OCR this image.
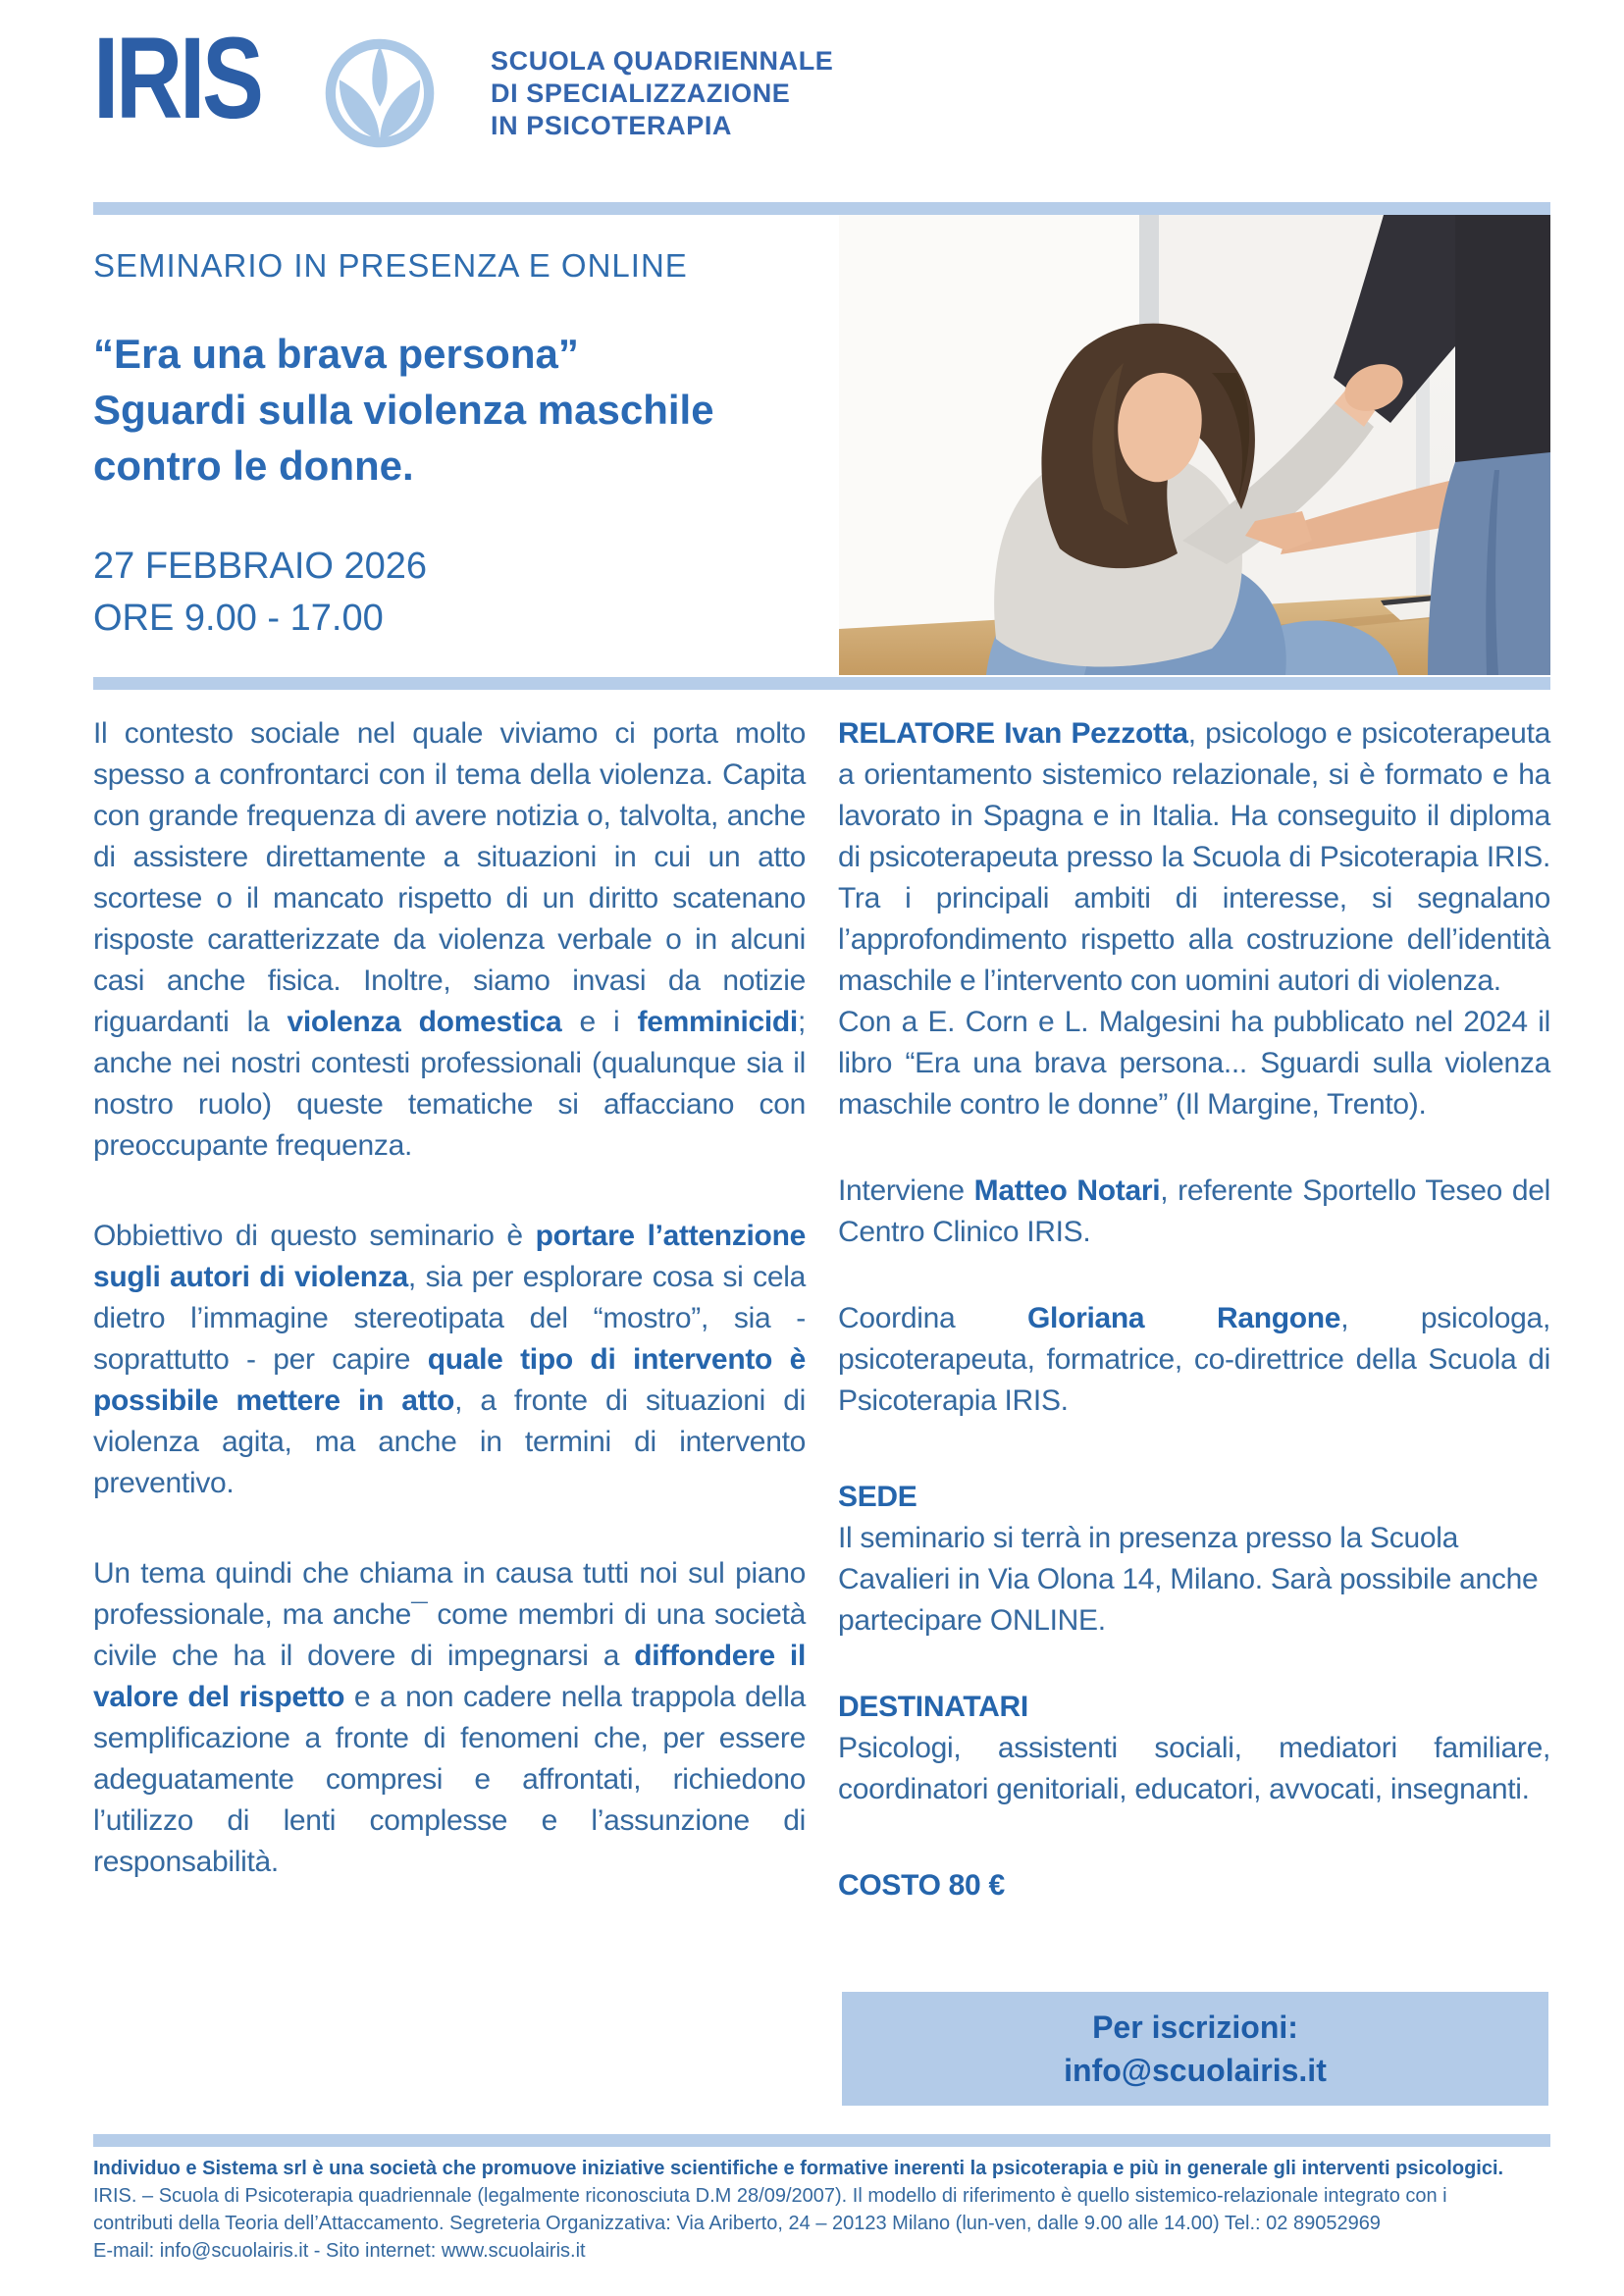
IRIS	SCUOLA QUADRIENNALE
DI SPECIALIZZAZIONE
IN PSICOTERAPIA
SEMINARIO IN PRESENZA E ONLINE
“Era una brava persona”
Sguardi sulla violenza maschile
contro le donne.
27 FEBBRAIO 2026
ORE 9.00 - 17.00

Il contesto sociale nel quale viviamo ci porta molto spesso a confrontarci con il tema della violenza. Capita con grande frequenza di avere notizia o, talvolta, anche di assistere direttamente a situazioni in cui un atto scortese o il mancato rispetto di un diritto scatenano risposte caratterizzate da violenza verbale o in alcuni casi anche fisica. Inoltre, siamo invasi da notizie riguardanti la violenza domestica e i femminicidi; anche nei nostri contesti professionali (qualunque sia il nostro ruolo) queste tematiche si affacciano con preoccupante frequenza.

Obbiettivo di questo seminario è portare l’attenzione sugli autori di violenza, sia per esplorare cosa si cela dietro l’immagine stereotipata del “mostro”, sia - soprattutto - per capire quale tipo di intervento è possibile mettere in atto, a fronte di situazioni di violenza agita, ma anche in termini di intervento preventivo.

Un tema quindi che chiama in causa tutti noi sul piano professionale, ma anche¯ come membri di una società civile che ha il dovere di impegnarsi a diffondere il valore del rispetto e a non cadere nella trappola della semplificazione a fronte di fenomeni che, per essere adeguatamente compresi e affrontati, richiedono l’utilizzo di lenti complesse e l’assunzione di responsabilità.

RELATORE Ivan Pezzotta, psicologo e psicoterapeuta a orientamento sistemico relazionale, si è formato e ha lavorato in Spagna e in Italia. Ha conseguito il diploma di psicoterapeuta presso la Scuola di Psicoterapia IRIS. Tra i principali ambiti di interesse, si segnalano l’approfondimento rispetto alla costruzione dell’identità maschile e l’intervento con uomini autori di violenza.

Con a E. Corn e L. Malgesini ha pubblicato nel 2024 il libro “Era una brava persona... Sguardi sulla violenza maschile contro le donne” (Il Margine, Trento).

Interviene Matteo Notari, referente Sportello Teseo del Centro Clinico IRIS.

Coordina Gloriana Rangone, psicologa, psicoterapeuta, formatrice, co-direttrice della Scuola di Psicoterapia IRIS.

SEDE

Il seminario si terrà in presenza presso la Scuola Cavalieri in Via Olona 14, Milano. Sarà possibile anche partecipare ONLINE.

DESTINATARI

Psicologi, assistenti sociali, mediatori familiare, coordinatori genitoriali, educatori, avvocati, insegnanti.

COSTO 80 €
Per iscrizioni:
info@scuolairis.it
Individuo e Sistema srl è una società che promuove iniziative scientifiche e formative inerenti la psicoterapia e più in generale gli interventi psicologici.
IRIS. – Scuola di Psicoterapia quadriennale (legalmente riconosciuta D.M 28/09/2007). Il modello di riferimento è quello sistemico-relazionale integrato con i
contributi della Teoria dell’Attaccamento. Segreteria Organizzativa: Via Ariberto, 24 – 20123 Milano (lun-ven, dalle 9.00 alle 14.00) Tel.: 02 89052969
E-mail: info@scuolairis.it - Sito internet: www.scuolairis.it
